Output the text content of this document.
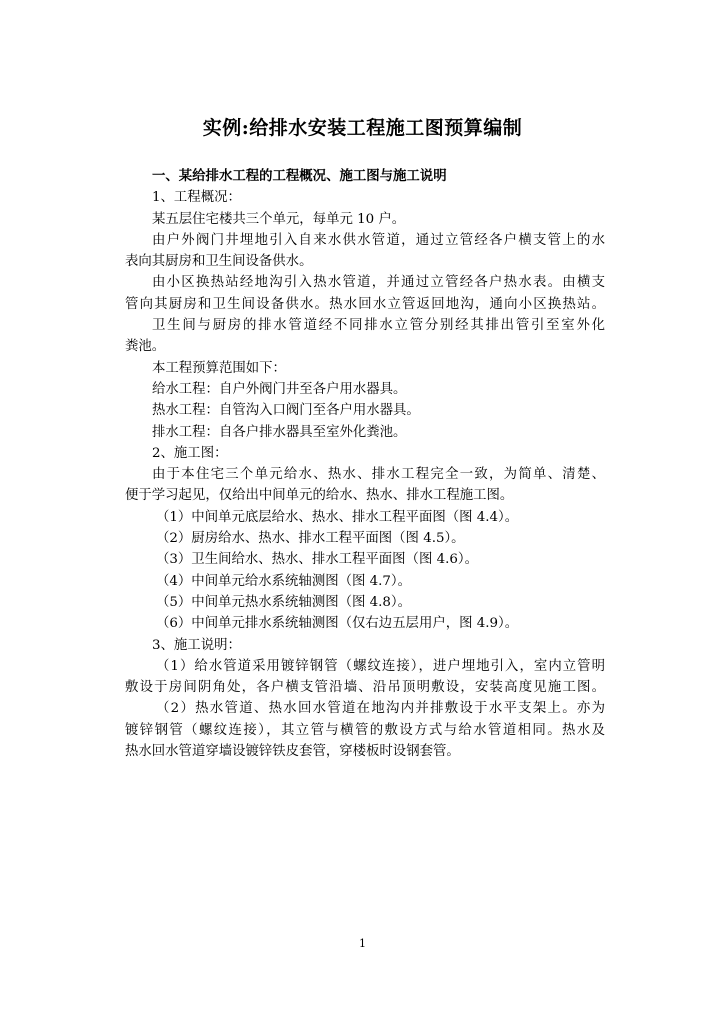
实例:给排水安装工程施工图预算编制
一、某给排水工程的工程概况、施工图与施工说明
1、工程概况：
某五层住宅楼共三个单元，每单元 10 户。
由户外阀门井埋地引入自来水供水管道，通过立管经各户横支管上的水
表向其厨房和卫生间设备供水。
由小区换热站经地沟引入热水管道，并通过立管经各户热水表。由横支
管向其厨房和卫生间设备供水。热水回水立管返回地沟，通向小区换热站。
卫生间与厨房的排水管道经不同排水立管分别经其排出管引至室外化
粪池。
本工程预算范围如下：
给水工程：自户外阀门井至各户用水器具。
热水工程：自管沟入口阀门至各户用水器具。
排水工程：自各户排水器具至室外化粪池。
2、施工图：
由于本住宅三个单元给水、热水、排水工程完全一致，为简单、清楚、
便于学习起见，仅给出中间单元的给水、热水、排水工程施工图。
（1）中间单元底层给水、热水、排水工程平面图（图 4.4）。
（2）厨房给水、热水、排水工程平面图（图 4.5）。
（3）卫生间给水、热水、排水工程平面图（图 4.6）。
（4）中间单元给水系统轴测图（图 4.7）。
（5）中间单元热水系统轴测图（图 4.8）。
（6）中间单元排水系统轴测图（仅右边五层用户，图 4.9）。
3、施工说明：
（1）给水管道采用镀锌钢管（螺纹连接），进户埋地引入，室内立管明
敷设于房间阴角处，各户横支管沿墙、沿吊顶明敷设，安装高度见施工图。
（2）热水管道、热水回水管道在地沟内并排敷设于水平支架上。亦为
镀锌钢管（螺纹连接），其立管与横管的敷设方式与给水管道相同。热水及
热水回水管道穿墙设镀锌铁皮套管，穿楼板时设钢套管。
1
